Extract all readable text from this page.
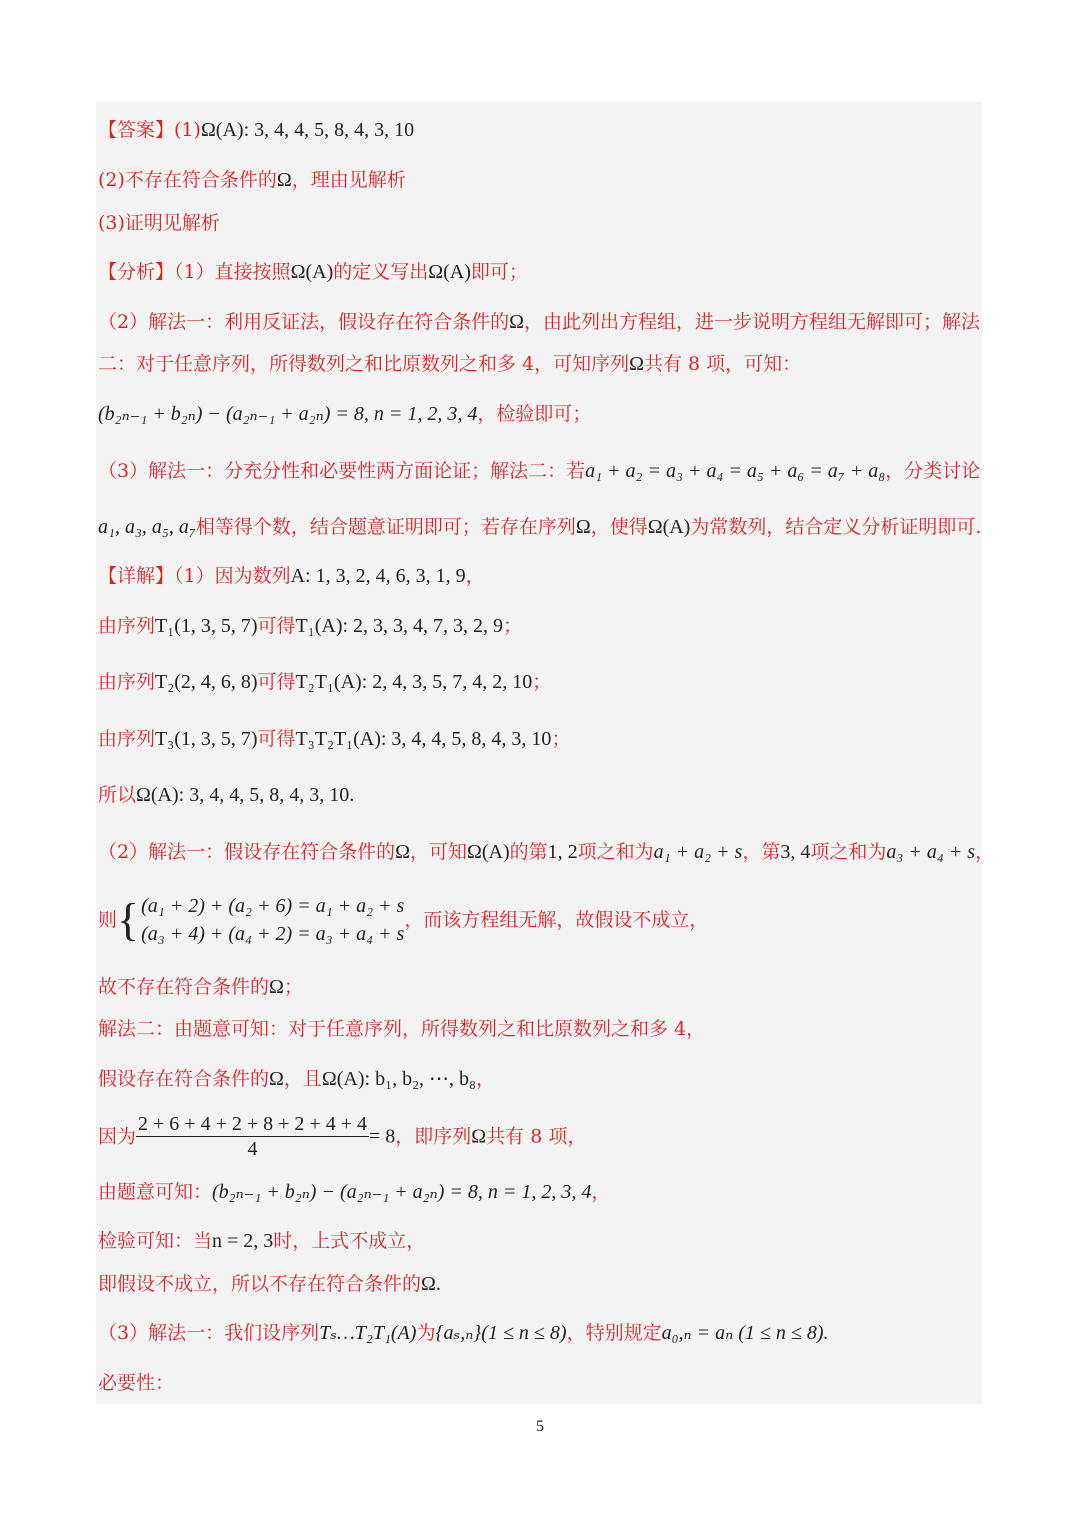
【答案】(1)Ω(A): 3, 4, 4, 5, 8, 4, 3, 10
(2)不存在符合条件的Ω，理由见解析
(3)证明见解析
【分析】（1）直接按照Ω(A)的定义写出Ω(A)即可；
（2）解法一：利用反证法，假设存在符合条件的Ω，由此列出方程组，进一步说明方程组无解即可；解法
二：对于任意序列，所得数列之和比原数列之和多 4，可知序列Ω共有 8 项，可知：
(b₂ₙ₋₁ + b₂ₙ) − (a₂ₙ₋₁ + a₂ₙ) = 8, n = 1, 2, 3, 4，检验即可；
（3）解法一：分充分性和必要性两方面论证；解法二：若a₁ + a₂ = a₃ + a₄ = a₅ + a₆ = a₇ + a₈，分类讨论
a₁, a₃, a₅, a₇相等得个数，结合题意证明即可；若存在序列Ω，使得Ω(A)为常数列，结合定义分析证明即可.
【详解】（1）因为数列A: 1, 3, 2, 4, 6, 3, 1, 9，
由序列T₁(1, 3, 5, 7)可得T₁(A): 2, 3, 3, 4, 7, 3, 2, 9；
由序列T₂(2, 4, 6, 8)可得T₂T₁(A): 2, 4, 3, 5, 7, 4, 2, 10；
由序列T₃(1, 3, 5, 7)可得T₃T₂T₁(A): 3, 4, 4, 5, 8, 4, 3, 10；
所以Ω(A): 3, 4, 4, 5, 8, 4, 3, 10.
（2）解法一：假设存在符合条件的Ω，可知Ω(A)的第1, 2项之和为a₁ + a₂ + s，第3, 4项之和为a₃ + a₄ + s，
则{ (a₁ + 2) + (a₂ + 6) = a₁ + a₂ + s
(a₃ + 4) + (a₄ + 2) = a₃ + a₄ + s
，而该方程组无解，故假设不成立，
故不存在符合条件的Ω；
解法二：由题意可知：对于任意序列，所得数列之和比原数列之和多 4，
假设存在符合条件的Ω，且Ω(A): b₁, b₂, ⋯, b₈，
因为 $\frac{2 + 6 + 4 + 2 + 8 + 2 + 4 + 4}{4} = 8$，即序列Ω共有 8 项，
由题意可知：(b₂ₙ₋₁ + b₂ₙ) − (a₂ₙ₋₁ + a₂ₙ) = 8, n = 1, 2, 3, 4，
检验可知：当n = 2, 3时，上式不成立，
即假设不成立，所以不存在符合条件的Ω.
（3）解法一：我们设序列Tₛ…T₂T₁(A)为{aₛ,ₙ}(1 ≤ n ≤ 8)，特别规定a₀,ₙ = aₙ (1 ≤ n ≤ 8).
必要性：
5
